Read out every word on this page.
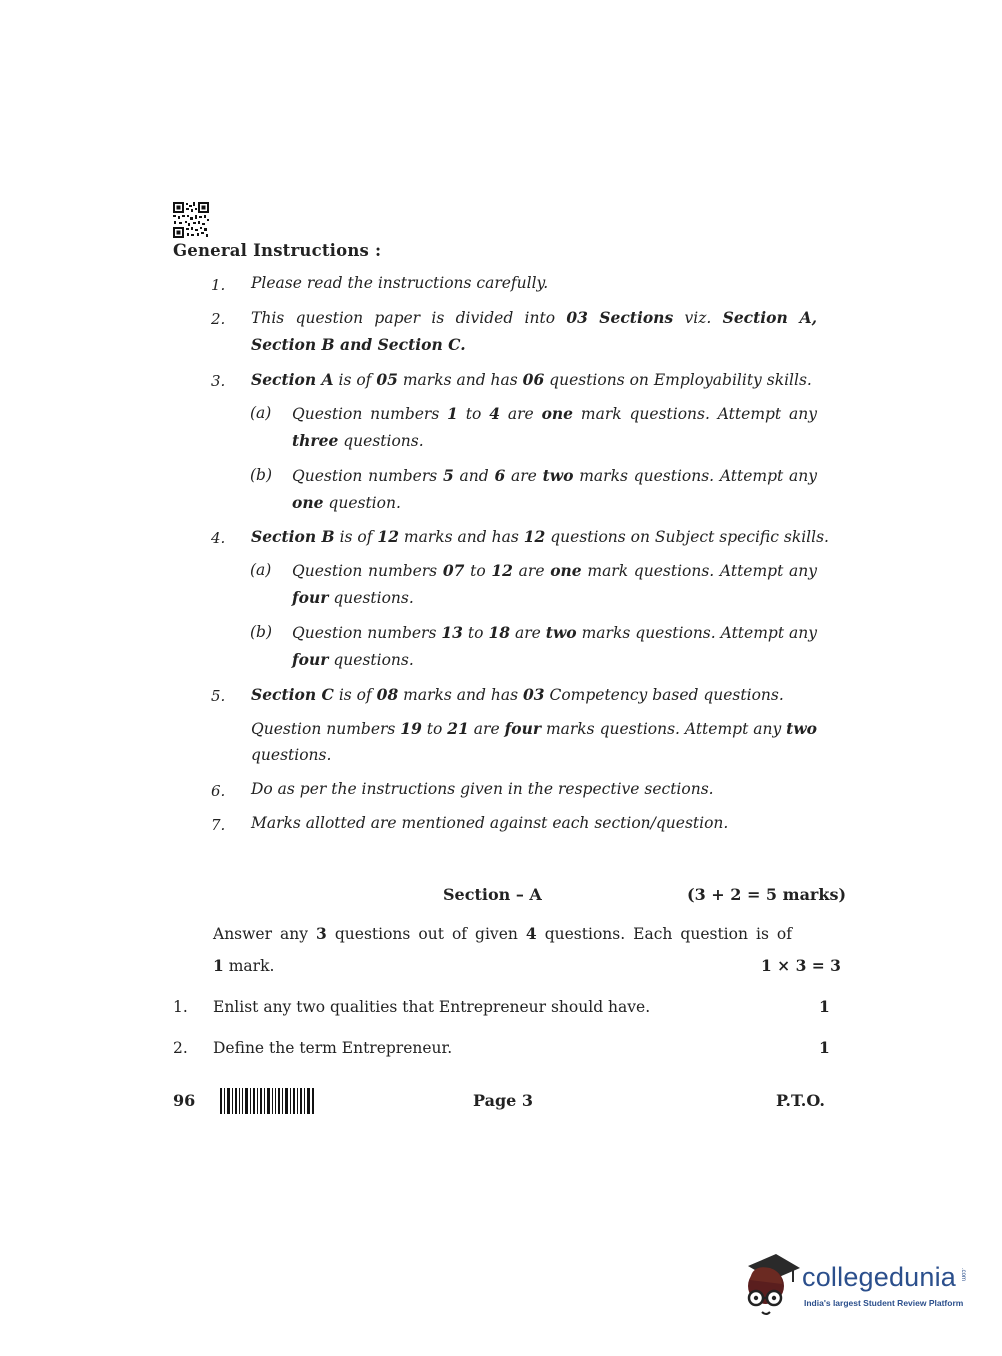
General Instructions :
1. Please read the instructions carefully.
2. This question paper is divided into 03 Sections viz. Section A,
Section B and Section C.
3. Section A is of 05 marks and has 06 questions on Employability skills.
(a) Question numbers 1 to 4 are one mark questions. Attempt any
three questions.
(b) Question numbers 5 and 6 are two marks questions. Attempt any
one question.
4. Section B is of 12 marks and has 12 questions on Subject specific skills.
(a) Question numbers 07 to 12 are one mark questions. Attempt any
four questions.
(b) Question numbers 13 to 18 are two marks questions. Attempt any
four questions.
5. Section C is of 08 marks and has 03 Competency based questions.
Question numbers 19 to 21 are four marks questions. Attempt any two
questions.
6. Do as per the instructions given in the respective sections.
7. Marks allotted are mentioned against each section/question.
Section – A	(3 + 2 = 5 marks)
Answer any 3 questions out of given 4 questions. Each question is of
1 mark.	1 × 3 = 3
1. Enlist any two qualities that Entrepreneur should have.	1
2. Define the term Entrepreneur.	1
96	Page 3	P.T.O.
collegedunia .com
India's largest Student Review Platform
